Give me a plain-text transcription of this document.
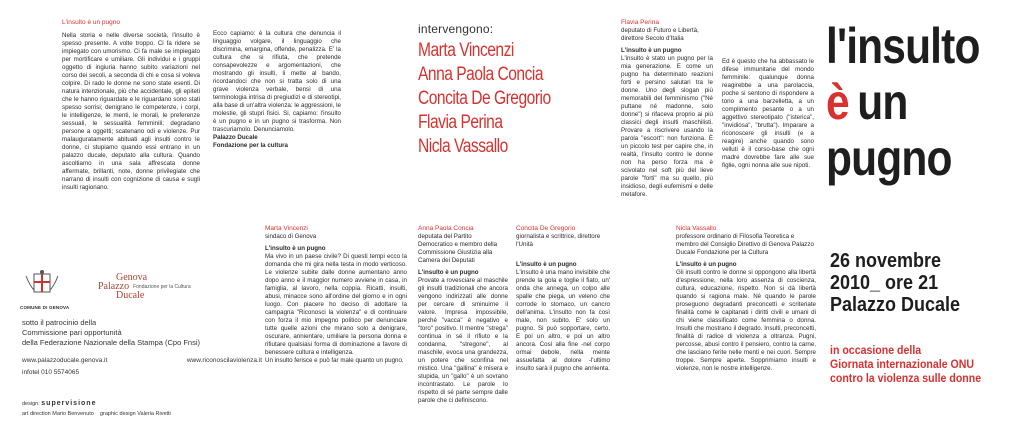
L'insulto è un pugno
Nella storia e nelle diverse società, l'insulto è spesso presente. A volte troppo. Ci fa ridere se impiegato con umorismo. Ci fa male se impiegato per mortificare e umiliare. Gli individui e i gruppi oggetto di ingiuria hanno subìto variazioni nel corso dei secoli, a seconda di chi e cosa si voleva colpire. Di rado le donne ne sono state esenti. Di natura intenzionale, più che accidentale, gli epiteti che le hanno riguardate e le riguardano sono stati spesso sorrisi; denigrano le competenze, i corpi, le intelligenze, le menti, le morali, le preferenze sessuali, le sessualità femminili; degradano persone a oggetti; scatenano odi e violenze. Pur malauguratamente abituati agli insulti contro le donne, ci stupiamo quando essi entrano in un palazzo ducale, deputato alla cultura. Quando ascoltiamo in una sala affrescata donne affermate, brillanti, note, donne privilegiate che narrano di insulti con cognizione di causa e sugli insulti ragionano.
Ecco capiamo: è la cultura che denuncia il linguaggio volgare, il linguaggio che discrimina, emargina, offende, penalizza. E' la cultura che si rifiuta, che pretende consapevolezze e argomentazioni, che mostrando gli insulti, li mette al bando, ricordandoci che non si tratta solo di una grave violenza verbale, bensì di una terminologia intrisa di pregiudizi e di stereotipi, alla base di un'altra violenza: le aggressioni, le molestie, gli stupri fisici. Si, capiamo: l'insulto è un pugno e in un pugno si trasforma. Non trascuriamolo. Denunciamolo.
Palazzo Ducale
Fondazione per la cultura
intervengono:
Marta Vincenzi
Anna Paola Concia
Concita De Gregorio
Flavia Perina
Nicla Vassallo
Flavia Perina
deputato di Futuro e Libertà, direttore Secolo d'Italia
L'insulto è un pugno
L'insulto è stato un pugno per la mia generazione. E come un pugno ha determinato reazioni forti e persino salutari tra le donne. Uno degli slogan più memorabili del femminismo ("Né puttane né madonne, solo donne") si rifaceva proprio ai più classici degli insulti maschilisti. Provare a riscrivere usando la parola "escort": non funziona. È un piccolo test per capire che, in realtà, l'insulto contro le donne non ha perso forza ma è scivolato nel soft più del lieve parole "forti" ma su quello, più insidioso, degli eufemismi e delle metafore.
Ed è questo che ha abbassato le difese immunitarie del mondo femminile: qualunque donna reagirebbe a una parolaccia, poche si sentono di rispondere a tono a una barzelletta, a un complimento pesante o a un aggettivo stereotipato ("isterica", "invidiosa", "brutta"). Imparare a riconoscere gli insulti (e a reagire) anche quando sono velluti è il corso-base che ogni madre dovrebbe fare alle sue figlie, ogni nonna alle sue nipoti.
l'insulto
è un
pugno
26 novembre
2010_ ore 21
Palazzo Ducale
in occasione della
Giornata internazionale ONU
contro la violenza sulle donne
Marta Vincenzi
sindaco di Genova
L'insulto è un pugno
Ma vivo in un paese civile? Di questi tempi ecco la domanda che mi gira nella testa in modo verticoso. Le violenze subite dalle donne aumentano anno dopo anno e il maggior numero avviene in casa, in famiglia, al lavoro, nella coppia. Ricatti, insulti, abusi, minacce sono all'ordine del giorno e in ogni luogo. Con piacere ho deciso di adottare la campagna "Riconosci la violenza" e di continuare con forza il mio impegno politico per denunciare tutte quelle azioni che mirano solo a denigrare, oscurare, annientare, umiliare la persona donna e rifiutare qualsiasi forma di dominazione a favore di benessere cultura e intelligenza.
Un insulto ferisce e può far male quanto un pugno.
Anna Paola Concia
deputata del Partito Democratico e membro della Commissione Giustizia alla Camera dei Deputati
L'insulto è un pugno
Provate a rovesciare al maschile gli insulti tradizionali che ancora vengono indirizzati alle donne per cercare di sminuirne il valore. Impresa impossibile, perché "vacca" è negativo e "toro" positivo. Il mentre "strega" continua in sé il rifiuto e la condanna, "stregone", al maschile, evoca una grandezza, un potere che sconfina nel mistico. Una "gallina" è misera e stupida, un "gallo" è un sovrano incontrastato. Le parole lo rispetto di sé parte sempre dalle parole che ci definiscono.
Concita De Gregorio
giornalista e scrittrice, direttore l'Unità
L'insulto è un pugno
L'insulto è una mano invisibile che prende la gola e toglie il fiato, un' onda che annega, un colpo alle spalle che piega, un veleno che corrode lo stomaco, un cancro dell'anima. L'insulto non fa così male, non subito. E' solo un pugno. Si può sopportare, certo. E poi un altro, e poi un altro ancora. Così alla fine -nel corpo ormai debole, nella mente assuefatta al dolore -l'ultimo insulto sarà il pugno che annienta.
Nicla Vassallo
professore ordinario di Filosofia Teoretica e membro del Consiglio Direttivo di Genova Palazzo Ducale Fondazione per la Cultura
L'insulto è un pugno
Gli insulti contro le donne si oppongono alla libertà d'espressione, nella loro assenza di coscienza, cultura, educazione, rispetto. Non si dà libertà quando si ragiona male. Né quando le parole proseguono degradanti preconcetti e scriteriate finalità come le capitanati i diritti civili e umani di chi viene classificato come femmina o donna. Insulti che mostrano il degrado. Insulti, preconcetti, finalità di radice di violenza a oltranza. Pugni, percosse, abusi contro il pensiero, contro la carne, che lasciano ferite nelle menti e nei cuori. Sempre troppe. Sempre aperte. Sopprimiamo insulti e violenze, non le nostre intelligenze.
COMUNE DI GENOVA
Genova
Palazzo Fondazione per la Cultura
Ducale
sotto il patrocinio della
Commissione pari opportunità
della Federazione Nazionale della Stampa (Cpo Fnsi)
www.palazzoducale.genova.it	www.riconoscilaviolenza.it
infotel 010 5574065
design: supervisione
art direction Mario Benvenuto    graphic design Valeria Rivetti
